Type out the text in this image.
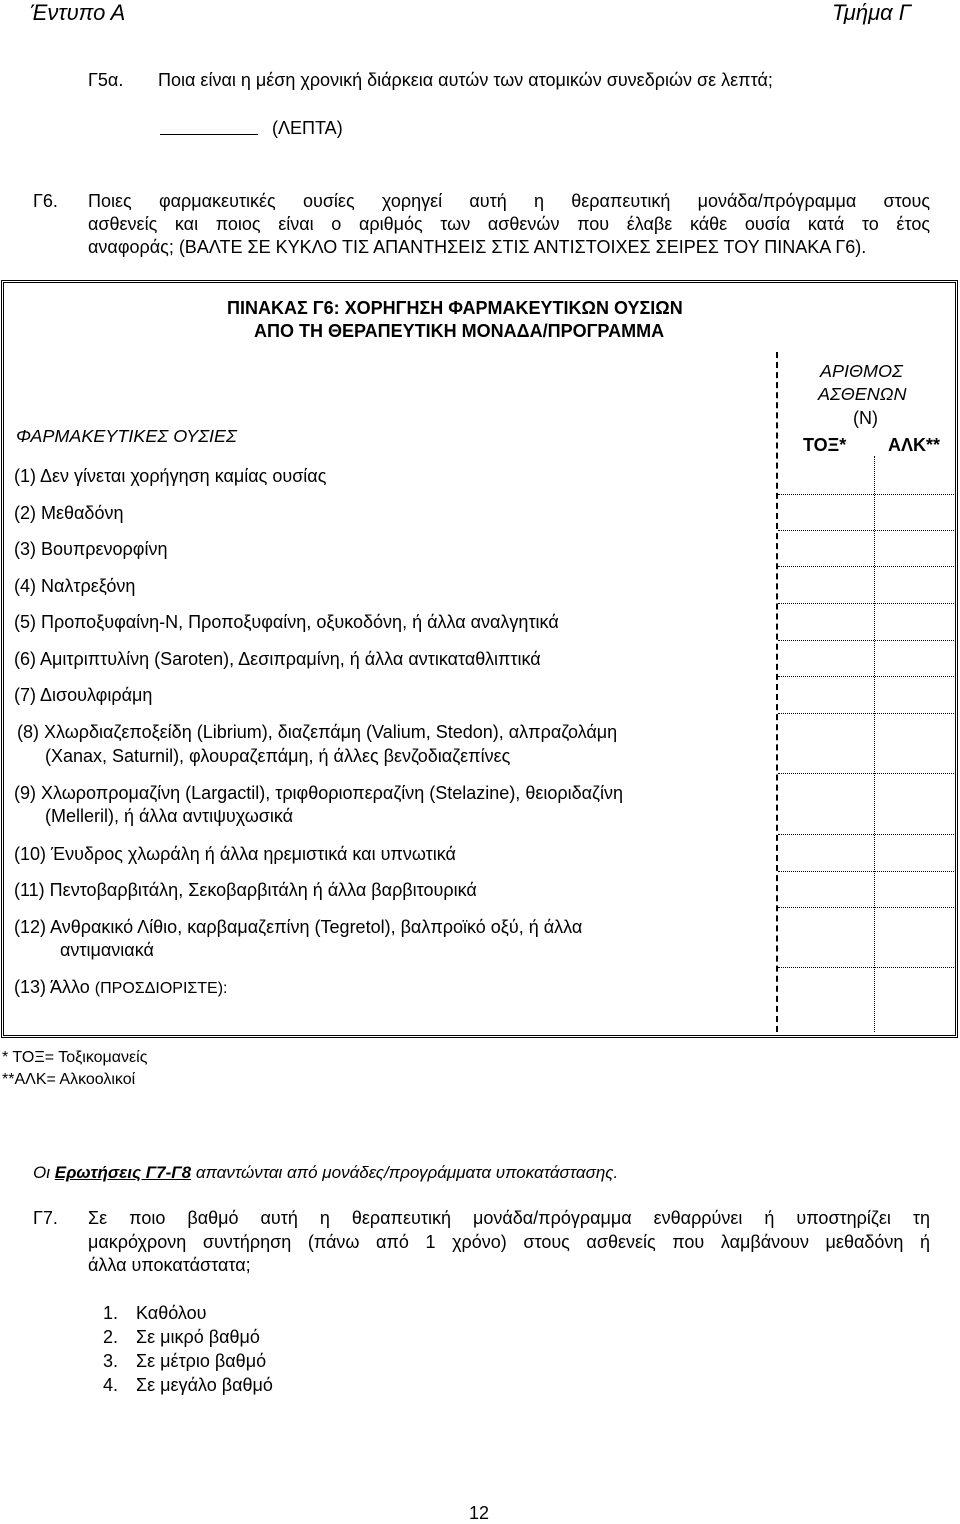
Έντυπο Α	Τμήμα Γ
Γ5α. Ποια είναι η μέση χρονική διάρκεια αυτών των ατομικών συνεδριών σε λεπτά;
(ΛΕΠΤΑ)
Γ6. Ποιες φαρμακευτικές ουσίες χορηγεί αυτή η θεραπευτική μονάδα/πρόγραμμα στους
ασθενείς και ποιος είναι ο αριθμός των ασθενών που έλαβε κάθε ουσία κατά το έτος
αναφοράς; (ΒΑΛΤΕ ΣΕ ΚΥΚΛΟ ΤΙΣ ΑΠΑΝΤΗΣΕΙΣ ΣΤΙΣ ΑΝΤΙΣΤΟΙΧΕΣ ΣΕΙΡΕΣ ΤΟΥ ΠΙΝΑΚΑ Γ6).
ΠΙΝΑΚΑΣ Γ6: ΧΟΡΗΓΗΣΗ ΦΑΡΜΑΚΕΥΤΙΚΩΝ ΟΥΣΙΩΝ
ΑΠΟ ΤΗ ΘΕΡΑΠΕΥΤΙΚΗ ΜΟΝΑΔΑ/ΠΡΟΓΡΑΜΜΑ
ΑΡΙΘΜΟΣ
ΑΣΘΕΝΩΝ
(Ν)
ΤΟΞ* ΑΛΚ**
ΦΑΡΜΑΚΕΥΤΙΚΕΣ ΟΥΣΙΕΣ
(1) Δεν γίνεται χορήγηση καμίας ουσίας
(2) Μεθαδόνη
(3) Βουπρενορφίνη
(4) Ναλτρεξόνη
(5) Προποξυφαίνη-Ν, Προποξυφαίνη, οξυκοδόνη, ή άλλα αναλγητικά
(6) Αμιτριπτυλίνη (Saroten), Δεσιπραμίνη, ή άλλα αντικαταθλιπτικά
(7) Δισουλφιράμη
(8) Χλωρδιαζεποξείδη (Librium), διαζεπάμη (Valium, Stedon), αλπραζολάμη
(Xanax, Saturnil), φλουραζεπάμη, ή άλλες βενζοδιαζεπίνες
(9) Χλωροπρομαζίνη (Largactil), τριφθοριοπεραζίνη (Stelazine), θειοριδαζίνη
(Melleril), ή άλλα αντιψυχωσικά
(10) Ένυδρος χλωράλη ή άλλα ηρεμιστικά και υπνωτικά
(11) Πεντοβαρβιτάλη, Σεκοβαρβιτάλη ή άλλα βαρβιτουρικά
(12) Ανθρακικό Λίθιο, καρβαμαζεπίνη (Tegretol), βαλπροϊκό οξύ, ή άλλα
αντιμανιακά
(13) Άλλο (ΠΡΟΣΔΙΟΡΙΣΤΕ):
* ΤΟΞ= Τοξικομανείς
**ΑΛΚ= Αλκοολικοί
Οι Ερωτήσεις Γ7-Γ8 απαντώνται από μονάδες/προγράμματα υποκατάστασης.
Γ7. Σε ποιο βαθμό αυτή η θεραπευτική μονάδα/πρόγραμμα ενθαρρύνει ή υποστηρίζει τη
μακρόχρονη συντήρηση (πάνω από 1 χρόνο) στους ασθενείς που λαμβάνουν μεθαδόνη ή
άλλα υποκατάστατα;
1. Καθόλου
2. Σε μικρό βαθμό
3. Σε μέτριο βαθμό
4. Σε μεγάλο βαθμό
12
